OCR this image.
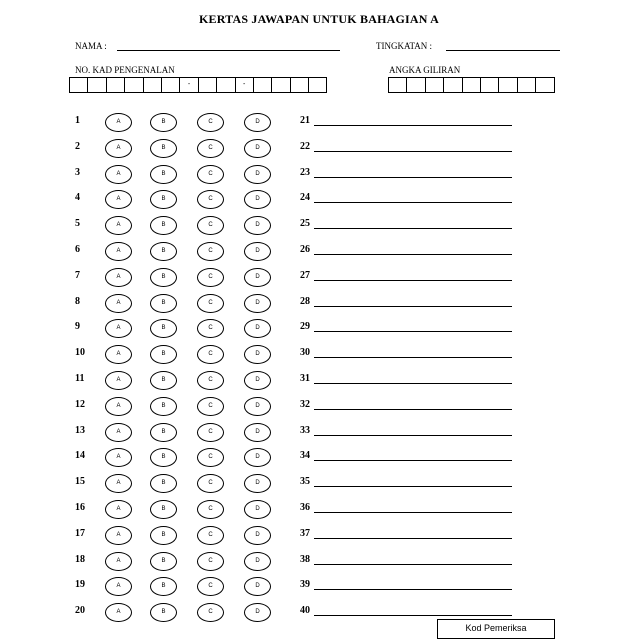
KERTAS JAWAPAN UNTUK BAHAGIAN A
NAMA :	TINGKATAN :
NO. KAD PENGENALAN
-	-
ANGKA GILIRAN
1	A	B	C	D
2	A	B	C	D
3	A	B	C	D
4	A	B	C	D
5	A	B	C	D
6	A	B	C	D
7	A	B	C	D
8	A	B	C	D
9	A	B	C	D
10	A	B	C	D
11	A	B	C	D
12	A	B	C	D
13	A	B	C	D
14	A	B	C	D
15	A	B	C	D
16	A	B	C	D
17	A	B	C	D
18	A	B	C	D
19	A	B	C	D
20	A	B	C	D
21
22
23
24
25
26
27
28
29
30
31
32
33
34
35
36
37
38
39
40
Kod Pemeriksa
